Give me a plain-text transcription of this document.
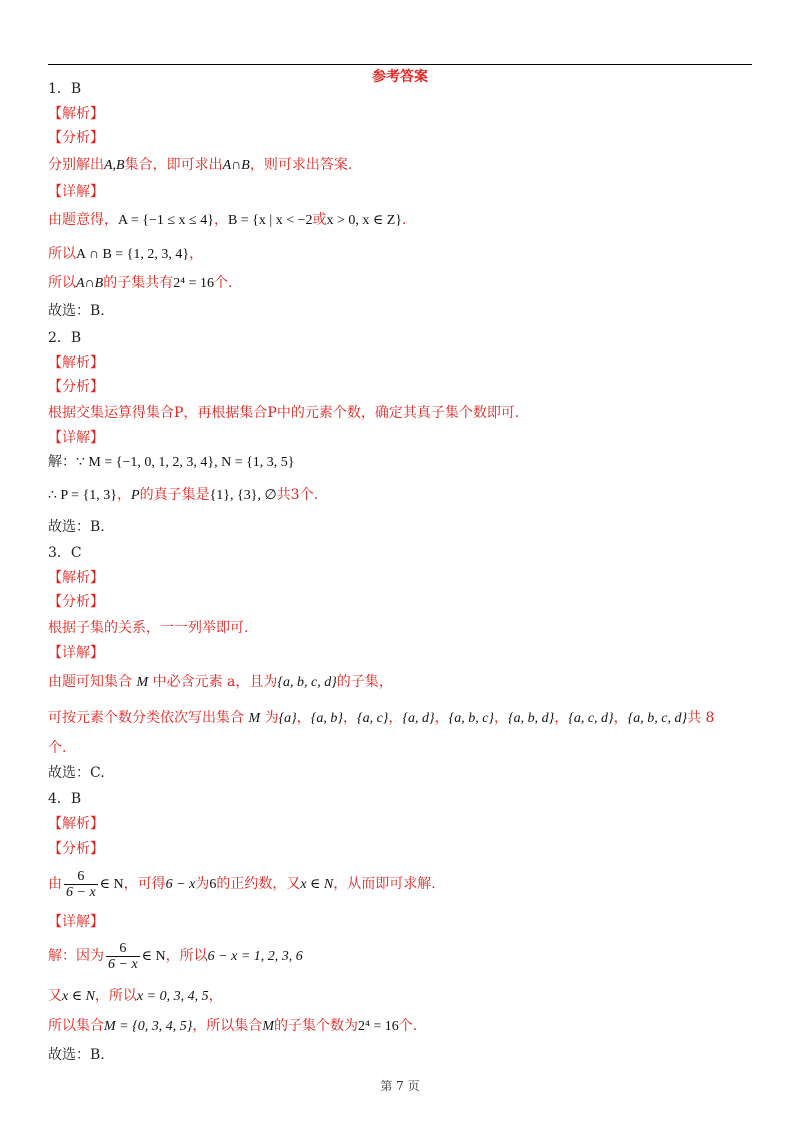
参考答案
1．B
【解析】
【分析】
分别解出A,B集合，即可求出A∩B，则可求出答案.
【详解】
由题意得，A = {−1 ≤ x ≤ 4}，B = {x | x < −2或x > 0, x ∈ Z}.
所以A ∩ B = {1, 2, 3, 4}，
所以A∩B的子集共有2⁴ = 16个.
故选：B.
2．B
【解析】
【分析】
根据交集运算得集合P，再根据集合P中的元素个数，确定其真子集个数即可.
【详解】
解：∵ M = {−1, 0, 1, 2, 3, 4}, N = {1, 3, 5}
∴ P = {1, 3}，P的真子集是{1}, {3}, ∅共3个.
故选：B.
3．C
【解析】
【分析】
根据子集的关系，一一列举即可.
【详解】
由题可知集合 M 中必含元素 a，且为{a, b, c, d}的子集，
可按元素个数分类依次写出集合 M 为{a}，{a, b}，{a, c}，{a, d}，{a, b, c}，{a, b, d}，{a, c, d}，{a, b, c, d}共 8
个.
故选：C.
4．B
【解析】
【分析】
由 $\frac{6}{6 - x}$ ∈ N，可得6 − x为6的正约数，又x ∈ N，从而即可求解.
【详解】
解：因为 $\frac{6}{6 - x}$ ∈ N，所以6 − x = 1, 2, 3, 6
又x ∈ N，所以x = 0, 3, 4, 5，
所以集合M = {0, 3, 4, 5}，所以集合M的子集个数为2⁴ = 16个.
故选：B.
第 7 页
